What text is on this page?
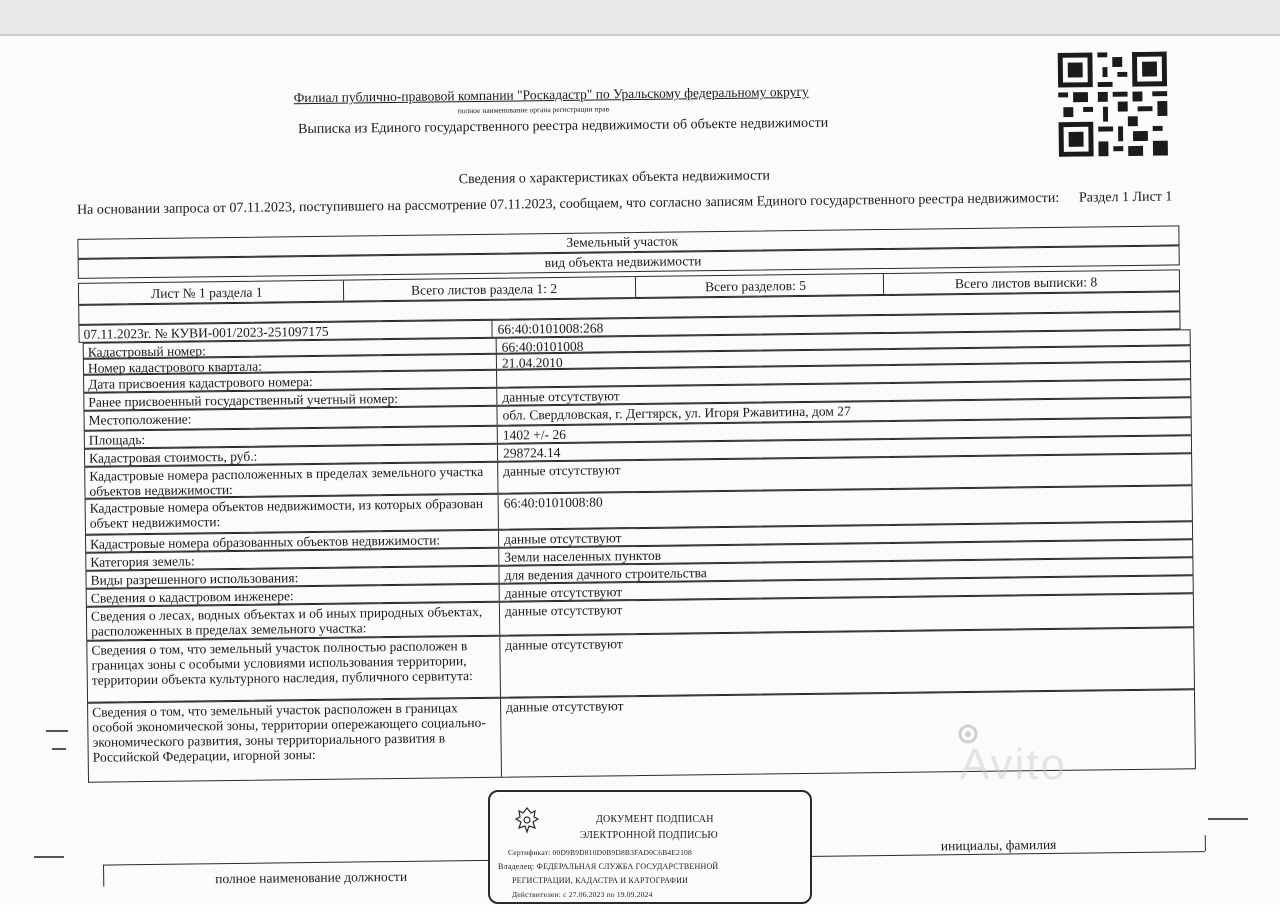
Филиал публично-правовой компании "Роскадастр" по Уральскому федеральному округу
полное наименование органа регистрации прав
Выписка из Единого государственного реестра недвижимости об объекте недвижимости
Сведения о характеристиках объекта недвижимости
На основании запроса от 07.11.2023, поступившего на рассмотрение 07.11.2023, сообщаем, что согласно записям Единого государственного реестра недвижимости: Раздел 1 Лист 1
Земельный участок
вид объекта недвижимости
Лист № 1 раздела 1	Всего листов раздела 1: 2	Всего разделов: 5	Всего листов выписки: 8
07.11.2023г. № КУВИ-001/2023-251097175	66:40:0101008:268
Кадастровый номер:	66:40:0101008
Номер кадастрового квартала:	21.04.2010
Дата присвоения кадастрового номера:
Ранее присвоенный государственный учетный номер:	данные отсутствуют
Местоположение:	обл. Свердловская, г. Дегтярск, ул. Игоря Ржавитина, дом 27
Площадь:	1402 +/- 26
Кадастровая стоимость, руб.:	298724.14
Кадастровые номера расположенных в пределах земельного участка объектов недвижимости:
данные отсутствуют
Кадастровые номера объектов недвижимости, из которых образован объект недвижимости:
66:40:0101008:80
Кадастровые номера образованных объектов недвижимости:	данные отсутствуют
Категория земель:	Земли населенных пунктов
Виды разрешенного использования:	для ведения дачного строительства
Сведения о кадастровом инженере:	данные отсутствуют
Сведения о лесах, водных объектах и об иных природных объектах, расположенных в пределах земельного участка:
данные отсутствуют
Сведения о том, что земельный участок полностью расположен в границах зоны с особыми условиями использования территории, территории объекта культурного наследия, публичного сервитута:
данные отсутствуют
Сведения о том, что земельный участок расположен в границах особой экономической зоны, территории опережающего социально-экономического развития, зоны территориального развития в Российской Федерации, игорной зоны:
данные отсутствуют
полное наименование должности
инициалы, фамилия
ДОКУМЕНТ ПОДПИСАН
ЭЛЕКТРОННОЙ ПОДПИСЬЮ
Сертификат: 00D9B9D810D0B9D8B3FAD0C6B4E2108
Владелец: ФЕДЕРАЛЬНАЯ СЛУЖБА ГОСУДАРСТВЕННОЙ
РЕГИСТРАЦИИ, КАДАСТРА И КАРТОГРАФИИ
Действителен: с 27.06.2023 по 19.09.2024
Avito
